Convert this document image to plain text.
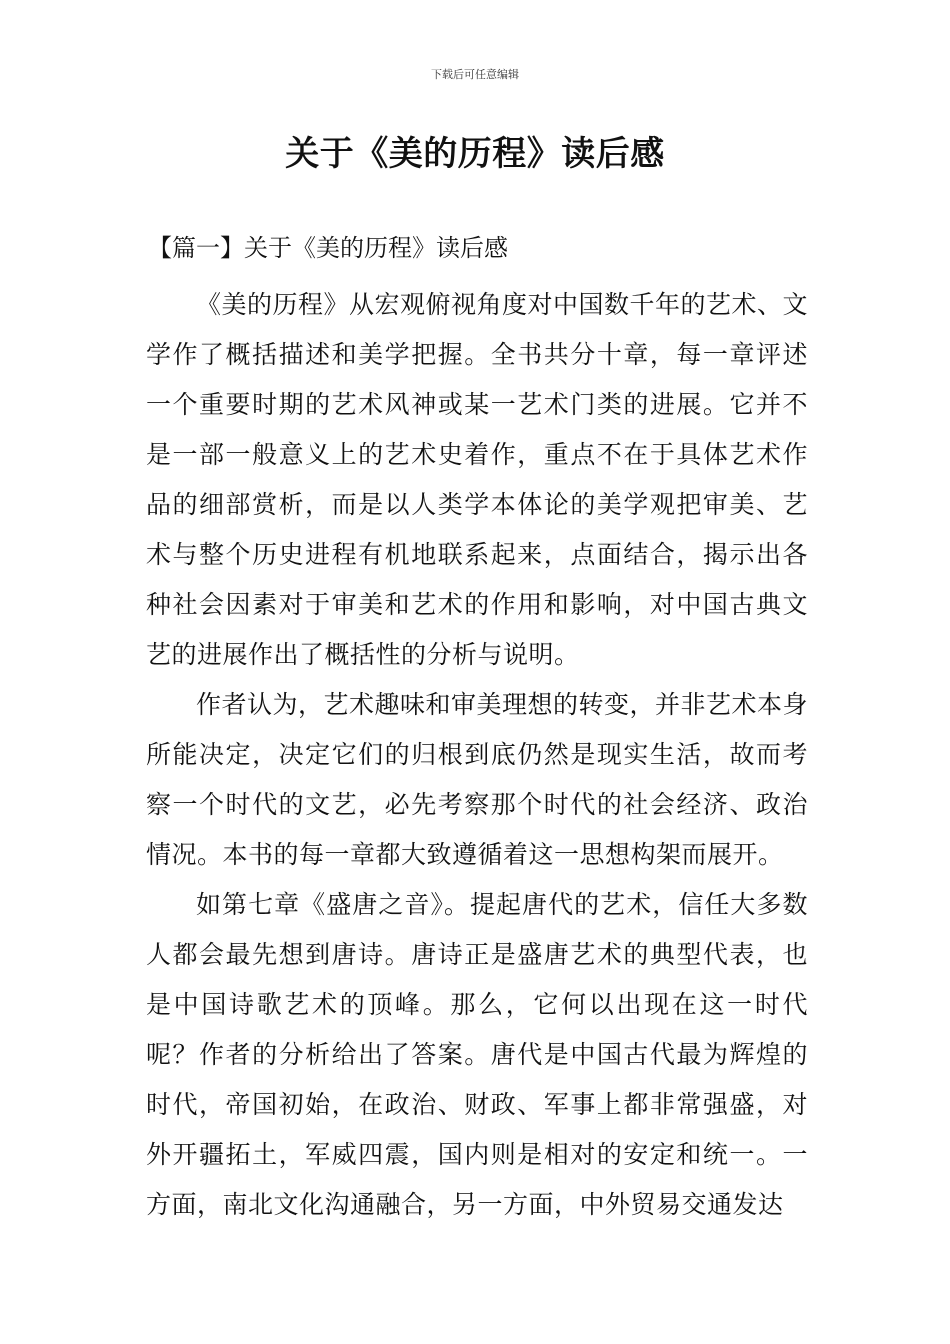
下载后可任意编辑
关于《美的历程》读后感
【篇一】关于《美的历程》读后感

《美的历程》从宏观俯视角度对中国数千年的艺术、文学作了概括描述和美学把握。全书共分十章，每一章评述一个重要时期的艺术风神或某一艺术门类的进展。它并不是一部一般意义上的艺术史着作，重点不在于具体艺术作品的细部赏析，而是以人类学本体论的美学观把审美、艺术与整个历史进程有机地联系起来，点面结合，揭示出各种社会因素对于审美和艺术的作用和影响，对中国古典文艺的进展作出了概括性的分析与说明。

作者认为，艺术趣味和审美理想的转变，并非艺术本身所能决定，决定它们的归根到底仍然是现实生活，故而考察一个时代的文艺，必先考察那个时代的社会经济、政治情况。本书的每一章都大致遵循着这一思想构架而展开。

如第七章《盛唐之音》。提起唐代的艺术，信任大多数人都会最先想到唐诗。唐诗正是盛唐艺术的典型代表，也是中国诗歌艺术的顶峰。那么，它何以出现在这一时代呢？作者的分析给出了答案。唐代是中国古代最为辉煌的时代，帝国初始，在政治、财政、军事上都非常强盛，对外开疆拓土，军威四震，国内则是相对的安定和统一。一方面，南北文化沟通融合，另一方面，中外贸易交通发达
